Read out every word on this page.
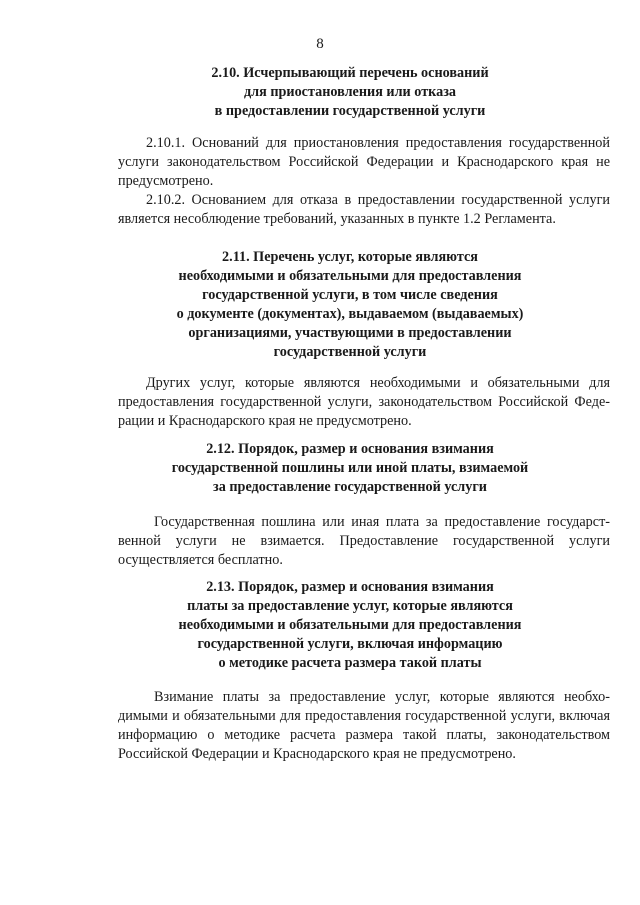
8

2.10. Исчерпывающий перечень оснований
для приостановления или отказа
в предоставлении государственной услуги

2.10.1. Оснований для приостановления предоставления государственной
услуги законодательством Российской Федерации и Краснодарского края не
предусмотрено.

2.10.2. Основанием для отказа в предоставлении государственной услуги
является несоблюдение требований, указанных в пункте 1.2 Регламента.

2.11. Перечень услуг, которые являются
необходимыми и обязательными для предоставления
государственной услуги, в том числе сведения
о документе (документах), выдаваемом (выдаваемых)
организациями, участвующими в предоставлении
государственной услуги

Других услуг, которые являются необходимыми и обязательными для
предоставления государственной услуги, законодательством Российской Феде-
рации и Краснодарского края не предусмотрено.

2.12. Порядок, размер и основания взимания
государственной пошлины или иной платы, взимаемой
за предоставление государственной услуги

Государственная пошлина или иная плата за предоставление государст-
венной услуги не взимается. Предоставление государственной услуги
осуществляется бесплатно.

2.13. Порядок, размер и основания взимания
платы за предоставление услуг, которые являются
необходимыми и обязательными для предоставления
государственной услуги, включая информацию
о методике расчета размера такой платы

Взимание платы за предоставление услуг, которые являются необхо-
димыми и обязательными для предоставления государственной услуги, включая
информацию о методике расчета размера такой платы, законодательством
Российской Федерации и Краснодарского края не предусмотрено.
